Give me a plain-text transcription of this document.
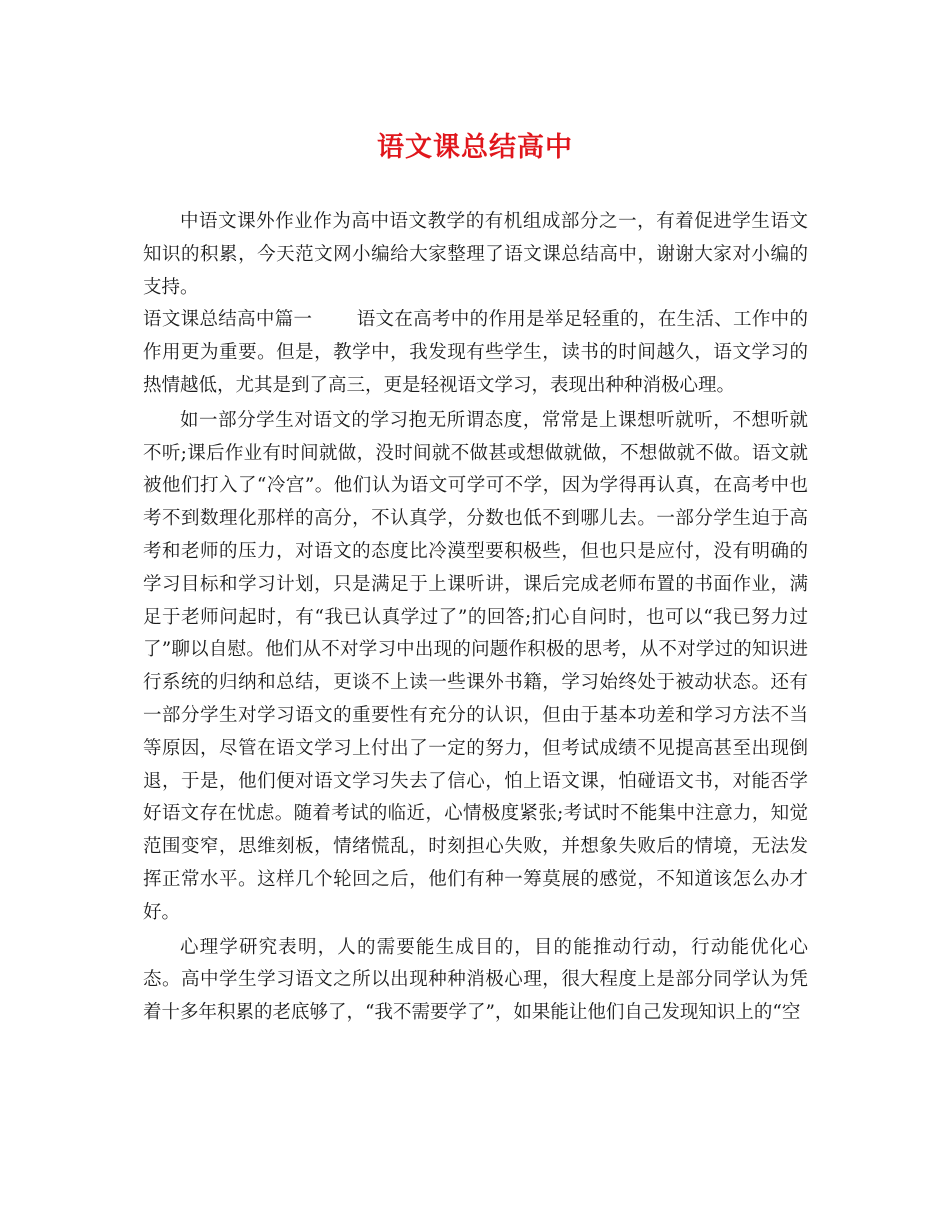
语文课总结高中

中语文课外作业作为高中语文教学的有机组成部分之一，有着促进学生语文知识的积累，今天范文网小编给大家整理了语文课总结高中，谢谢大家对小编的支持。

语文课总结高中篇一 语文在高考中的作用是举足轻重的，在生活、工作中的作用更为重要。但是，教学中，我发现有些学生，读书的时间越久，语文学习的热情越低，尤其是到了高三，更是轻视语文学习，表现出种种消极心理。

如一部分学生对语文的学习抱无所谓态度，常常是上课想听就听，不想听就不听;课后作业有时间就做，没时间就不做甚或想做就做，不想做就不做。语文就被他们打入了“冷宫”。他们认为语文可学可不学，因为学得再认真，在高考中也考不到数理化那样的高分，不认真学，分数也低不到哪儿去。一部分学生迫于高考和老师的压力，对语文的态度比冷漠型要积极些，但也只是应付，没有明确的学习目标和学习计划，只是满足于上课听讲，课后完成老师布置的书面作业，满足于老师问起时，有“我已认真学过了”的回答;扪心自问时，也可以“我已努力过了”聊以自慰。他们从不对学习中出现的问题作积极的思考，从不对学过的知识进行系统的归纳和总结，更谈不上读一些课外书籍，学习始终处于被动状态。还有一部分学生对学习语文的重要性有充分的认识，但由于基本功差和学习方法不当等原因，尽管在语文学习上付出了一定的努力，但考试成绩不见提高甚至出现倒退，于是，他们便对语文学习失去了信心，怕上语文课，怕碰语文书，对能否学好语文存在忧虑。随着考试的临近，心情极度紧张;考试时不能集中注意力，知觉范围变窄，思维刻板，情绪慌乱，时刻担心失败，并想象失败后的情境，无法发挥正常水平。这样几个轮回之后，他们有种一筹莫展的感觉，不知道该怎么办才好。

心理学研究表明，人的需要能生成目的，目的能推动行动，行动能优化心态。高中学生学习语文之所以出现种种消极心理，很大程度上是部分同学认为凭着十多年积累的老底够了，“我不需要学了”，如果能让他们自己发现知识上的“空
